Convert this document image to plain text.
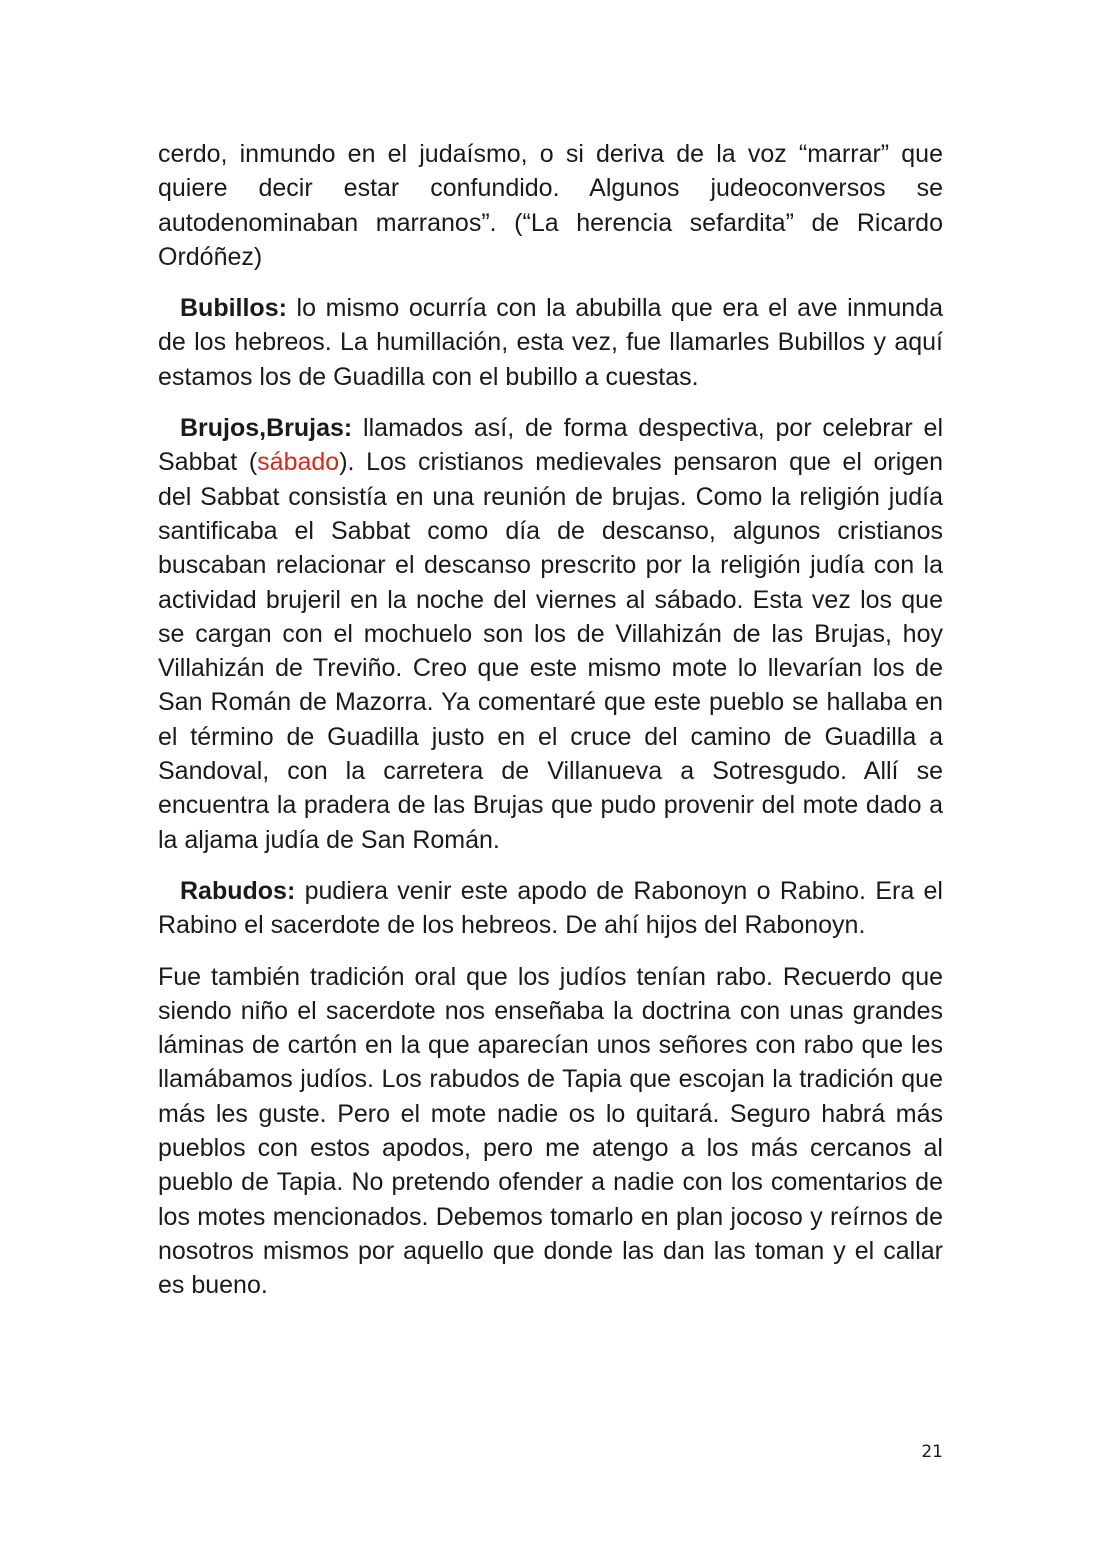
cerdo, inmundo en el judaísmo, o si deriva de la voz “marrar” que quiere decir estar confundido. Algunos judeoconversos se autodenominaban marranos”. (“La herencia sefardita” de Ricardo Ordóñez)

Bubillos: lo mismo ocurría con la abubilla que era el ave inmunda de los hebreos. La humillación, esta vez, fue llamarles Bubillos y aquí estamos los de Guadilla con el bubillo a cuestas.

Brujos,Brujas: llamados así, de forma despectiva, por celebrar el Sabbat (sábado). Los cristianos medievales pensaron que el origen del Sabbat consistía en una reunión de brujas. Como la religión judía santificaba el Sabbat como día de descanso, algunos cristianos buscaban relacionar el descanso prescrito por la religión judía con la actividad brujeril en la noche del viernes al sábado. Esta vez los que se cargan con el mochuelo son los de Villahizán de las Brujas, hoy Villahizán de Treviño. Creo que este mismo mote lo llevarían los de San Román de Mazorra. Ya comentaré que este pueblo se hallaba en el término de Guadilla justo en el cruce del camino de Guadilla a Sandoval, con la carretera de Villanueva a Sotresgudo. Allí se encuentra la pradera de las Brujas que pudo provenir del mote dado a la aljama judía de San Román.

Rabudos: pudiera venir este apodo de Rabonoyn o Rabino. Era el Rabino el sacerdote de los hebreos. De ahí hijos del Rabonoyn.

Fue también tradición oral que los judíos tenían rabo. Recuerdo que siendo niño el sacerdote nos enseñaba la doctrina con unas grandes láminas de cartón en la que aparecían unos señores con rabo que les llamábamos judíos. Los rabudos de Tapia que escojan la tradición que más les guste. Pero el mote nadie os lo quitará. Seguro habrá más pueblos con estos apodos, pero me atengo a los más cercanos al pueblo de Tapia. No pretendo ofender a nadie con los comentarios de los motes mencionados. Debemos tomarlo en plan jocoso y reírnos de nosotros mismos por aquello que donde las dan las toman y el callar es bueno.

21
